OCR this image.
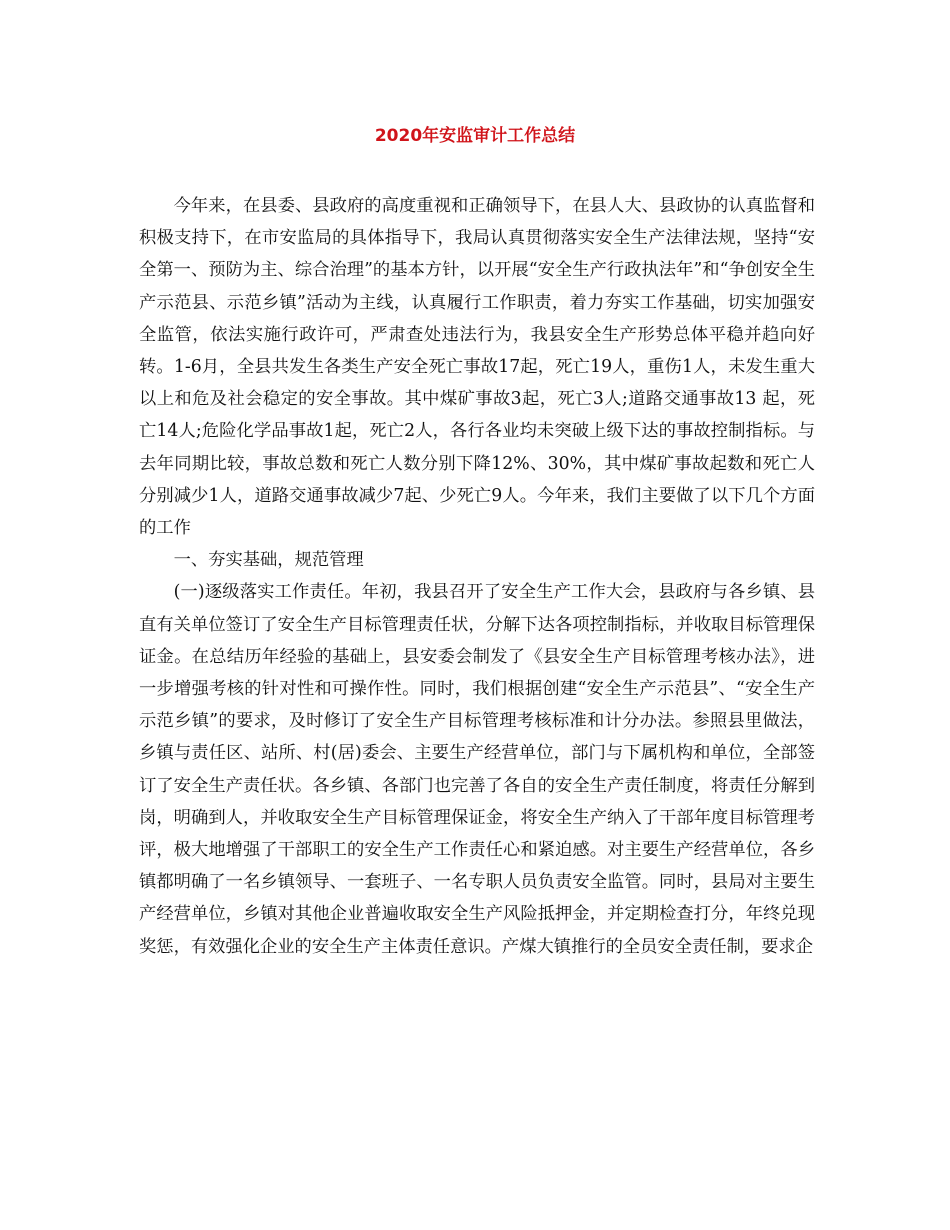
2020年安监审计工作总结

今年来，在县委、县政府的高度重视和正确领导下，在县人大、县政协的认真监督和积极支持下，在市安监局的具体指导下，我局认真贯彻落实安全生产法律法规，坚持“安全第一、预防为主、综合治理”的基本方针，以开展“安全生产行政执法年”和“争创安全生产示范县、示范乡镇”活动为主线，认真履行工作职责，着力夯实工作基础，切实加强安全监管，依法实施行政许可，严肃查处违法行为，我县安全生产形势总体平稳并趋向好转。1-6月，全县共发生各类生产安全死亡事故17起，死亡19人，重伤1人，未发生重大以上和危及社会稳定的安全事故。其中煤矿事故3起，死亡3人;道路交通事故13 起，死亡14人;危险化学品事故1起，死亡2人，各行各业均未突破上级下达的事故控制指标。与去年同期比较，事故总数和死亡人数分别下降12%、30%，其中煤矿事故起数和死亡人分别减少1人，道路交通事故减少7起、少死亡9人。今年来，我们主要做了以下几个方面的工作

一、夯实基础，规范管理

(一)逐级落实工作责任。年初，我县召开了安全生产工作大会，县政府与各乡镇、县直有关单位签订了安全生产目标管理责任状，分解下达各项控制指标，并收取目标管理保证金。在总结历年经验的基础上，县安委会制发了《县安全生产目标管理考核办法》，进一步增强考核的针对性和可操作性。同时，我们根据创建“安全生产示范县”、“安全生产示范乡镇”的要求，及时修订了安全生产目标管理考核标准和计分办法。参照县里做法，乡镇与责任区、站所、村(居)委会、主要生产经营单位，部门与下属机构和单位，全部签订了安全生产责任状。各乡镇、各部门也完善了各自的安全生产责任制度，将责任分解到岗，明确到人，并收取安全生产目标管理保证金，将安全生产纳入了干部年度目标管理考评，极大地增强了干部职工的安全生产工作责任心和紧迫感。对主要生产经营单位，各乡镇都明确了一名乡镇领导、一套班子、一名专职人员负责安全监管。同时，县局对主要生产经营单位，乡镇对其他企业普遍收取安全生产风险抵押金，并定期检查打分，年终兑现奖惩，有效强化企业的安全生产主体责任意识。产煤大镇推行的全员安全责任制，要求企
